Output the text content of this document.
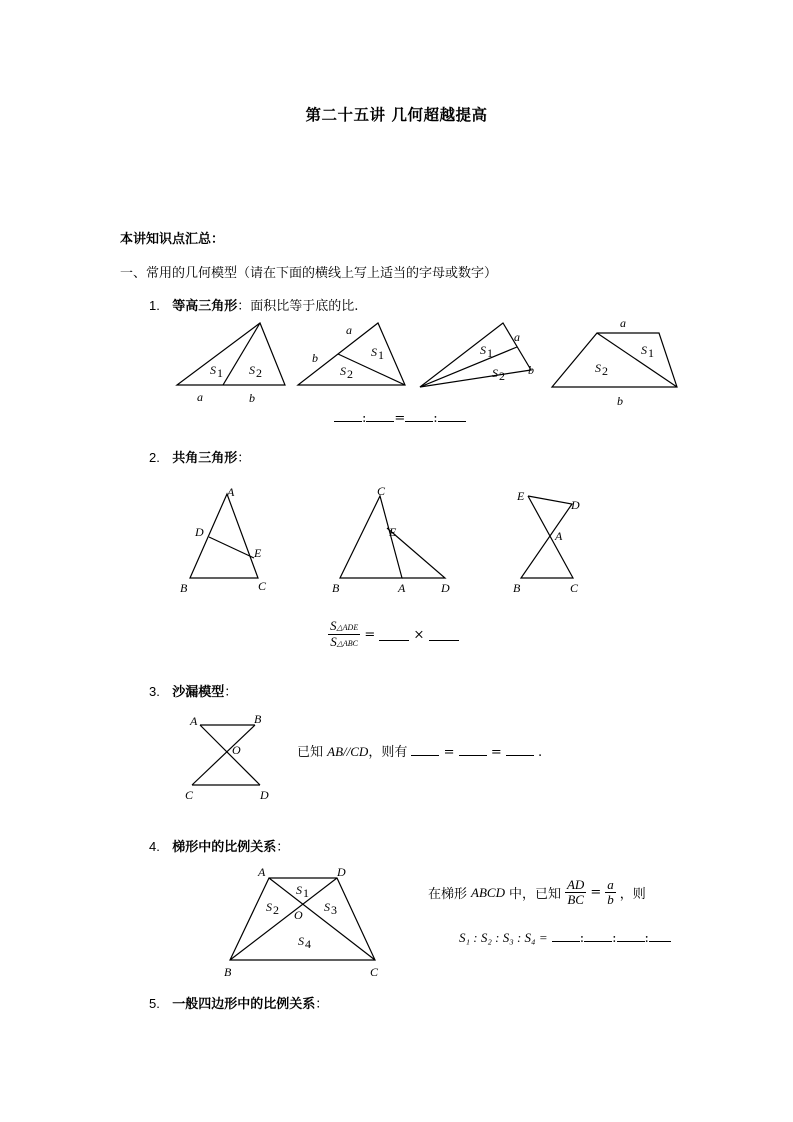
第二十五讲 几何超越提高
本讲知识点汇总：
一、常用的几何模型（请在下面的横线上写上适当的字母或数字）
1. 等高三角形：面积比等于底的比.
S 1 S 2
a	b
a
b	S 1
S 2
a
b
S 1
S 2
a
S 1
S 2
b
: = :
2. 共角三角形：
A
D
E
B	C
C
E
B	A	D
E
D
A
B	C
$\frac{\text{S△ADE}}{\text{S△ABC}}$ =	×
3. 沙漏模型：
A	B
O
C	D
已知 AB//CD，则有	=	=	.
4. 梯形中的比例关系：
A	D
S 1
S 2 O
S 3
S 4
B	C
在梯形 ABCD 中，已知 $\frac{AD}{BC} = \frac{a}{b}$ ，则
S₁ : S₂ : S₃ : S₄ = : : :
5. 一般四边形中的比例关系：
